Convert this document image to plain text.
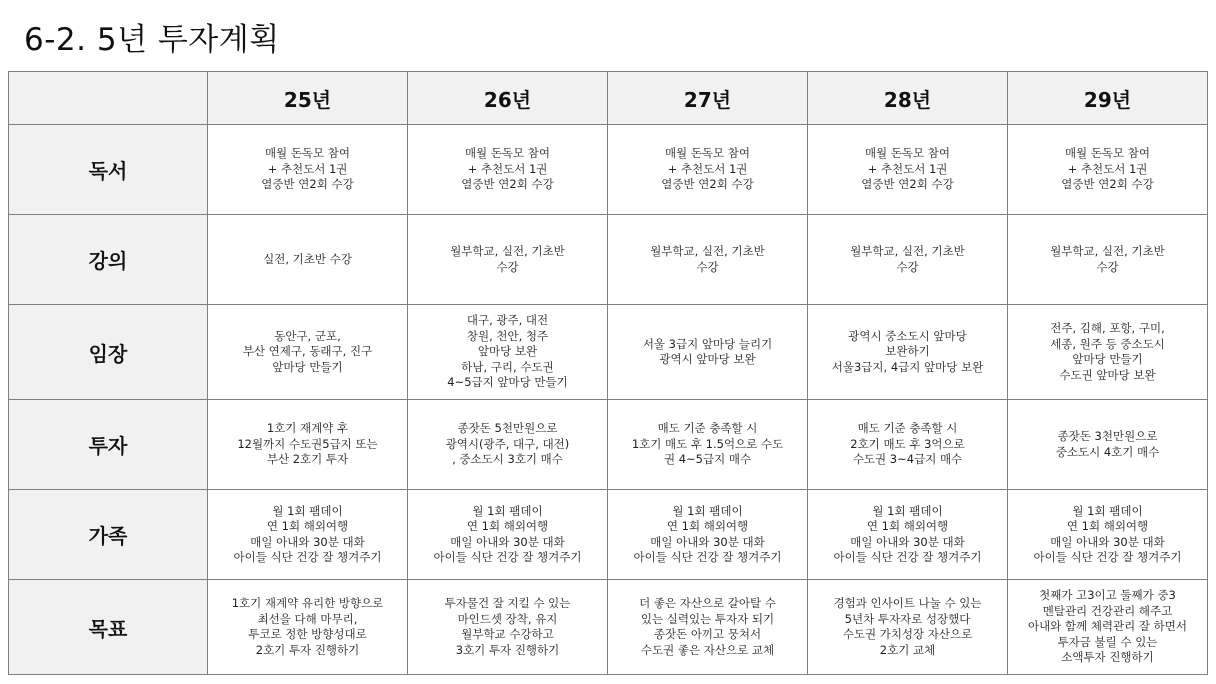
6-2. 5년 투자계획
	25년	26년	27년	28년	29년
독서	매월 돈독모 참여
+ 추천도서 1권
열중반 연2회 수강	매월 돈독모 참여
+ 추천도서 1권
열중반 연2회 수강	매월 돈독모 참여
+ 추천도서 1권
열중반 연2회 수강	매월 돈독모 참여
+ 추천도서 1권
열중반 연2회 수강	매월 돈독모 참여
+ 추천도서 1권
열중반 연2회 수강
강의	실전, 기초반 수강	월부학교, 실전, 기초반
수강	월부학교, 실전, 기초반
수강	월부학교, 실전, 기초반
수강	월부학교, 실전, 기초반
수강
임장	동안구, 군포,
부산 연제구, 동래구, 진구
앞마당 만들기	대구, 광주, 대전
창원, 천안, 청주
앞마당 보완
하남, 구리, 수도권
4~5급지 앞마당 만들기	서울 3급지 앞마당 늘리기
광역시 앞마당 보완	광역시 중소도시 앞마당
보완하기
서울3급지, 4급지 앞마당 보완	전주, 김해, 포항, 구미,
세종, 원주 등 중소도시
앞마당 만들기
수도권 앞마당 보완
투자	1호기 재계약 후
12월까지 수도권5급지 또는
부산 2호기 투자	종잣돈 5천만원으로
광역시(광주, 대구, 대전)
, 중소도시 3호기 매수	매도 기준 충족할 시
1호기 매도 후 1.5억으로 수도
권 4~5급지 매수	매도 기준 충족할 시
2호기 매도 후 3억으로
수도권 3~4급지 매수	종잣돈 3천만원으로
중소도시 4호기 매수
가족	월 1회 팸데이
연 1회 해외여행
매일 아내와 30분 대화
아이들 식단 건강 잘 챙겨주기	월 1회 팸데이
연 1회 해외여행
매일 아내와 30분 대화
아이들 식단 건강 잘 챙겨주기	월 1회 팸데이
연 1회 해외여행
매일 아내와 30분 대화
아이들 식단 건강 잘 챙겨주기	월 1회 팸데이
연 1회 해외여행
매일 아내와 30분 대화
아이들 식단 건강 잘 챙겨주기	월 1회 팸데이
연 1회 해외여행
매일 아내와 30분 대화
아이들 식단 건강 잘 챙겨주기
목표	1호기 재계약 유리한 방향으로
최선을 다해 마무리,
투코로 정한 방향성대로
2호기 투자 진행하기	투자물건 잘 지킬 수 있는
마인드셋 장착, 유지
월부학교 수강하고
3호기 투자 진행하기	더 좋은 자산으로 갈아탈 수
있는 실력있는 투자자 되기
종잣돈 아끼고 뭉쳐서
수도권 좋은 자산으로 교체	경험과 인사이트 나눌 수 있는
5년차 투자자로 성장했다
수도권 가치성장 자산으로
2호기 교체	첫째가 고3이고 둘째가 중3
멘탈관리 건강관리 해주고
아내와 함께 체력관리 잘 하면서
투자금 불릴 수 있는
소액투자 진행하기
